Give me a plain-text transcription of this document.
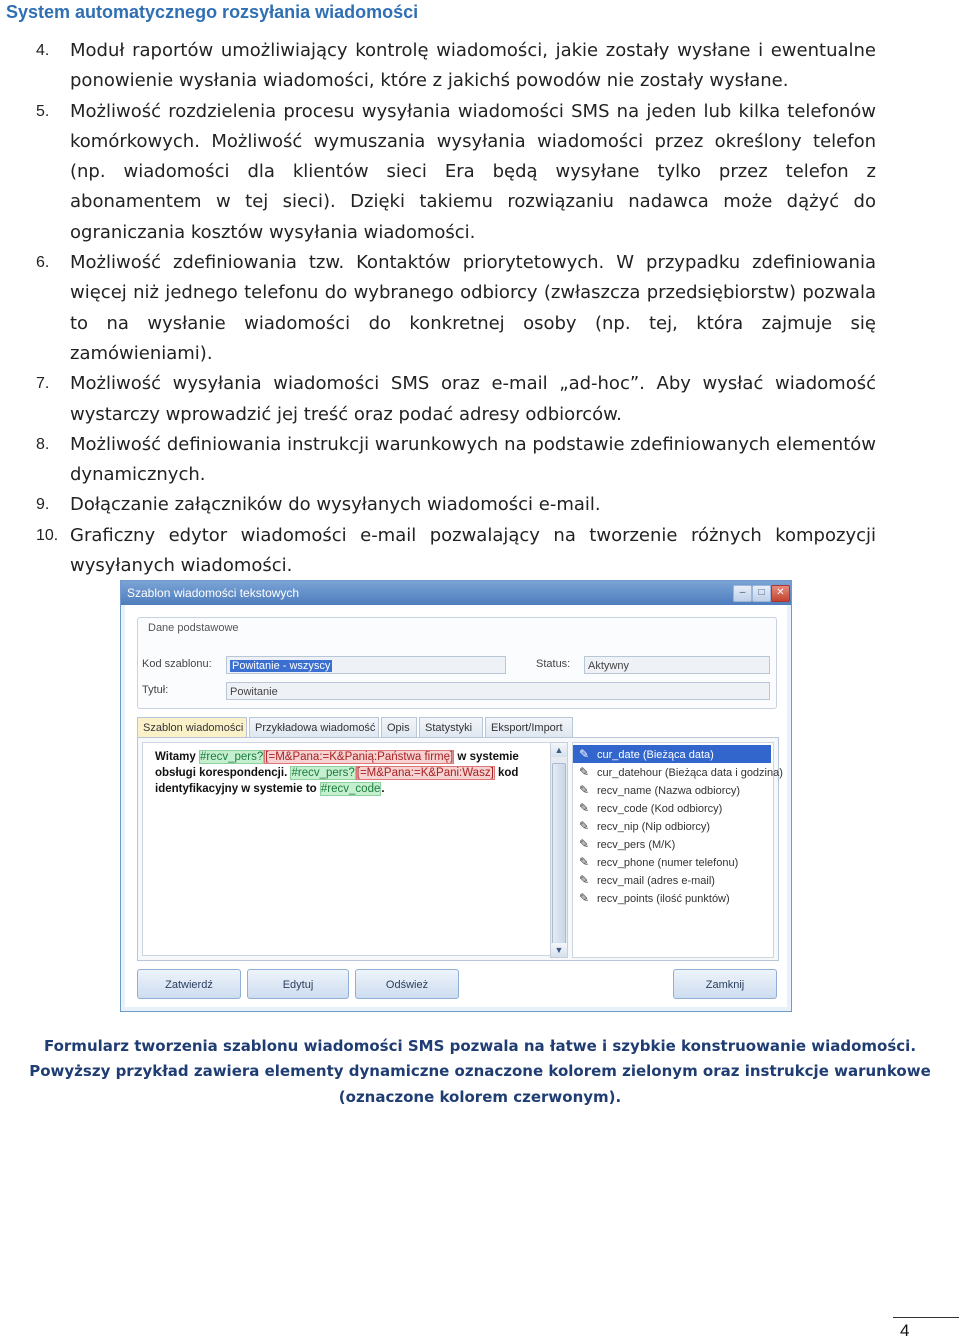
System automatycznego rozsyłania wiadomości
4. Moduł raportów umożliwiający kontrolę wiadomości, jakie zostały wysłane i ewentualne ponowienie wysłania wiadomości, które z jakichś powodów nie zostały wysłane.
5. Możliwość rozdzielenia procesu wysyłania wiadomości SMS na jeden lub kilka telefonów komórkowych. Możliwość wymuszania wysyłania wiadomości przez określony telefon (np. wiadomości dla klientów sieci Era będą wysyłane tylko przez telefon z abonamentem w tej sieci). Dzięki takiemu rozwiązaniu nadawca może dążyć do ograniczania kosztów wysyłania wiadomości.
6. Możliwość zdefiniowania tzw. Kontaktów priorytetowych. W przypadku zdefiniowania więcej niż jednego telefonu do wybranego odbiorcy (zwłaszcza przedsiębiorstw) pozwala to na wysłanie wiadomości do konkretnej osoby (np. tej, która zajmuje się zamówieniami).
7. Możliwość wysyłania wiadomości SMS oraz e-mail „ad-hoc”. Aby wysłać wiadomość wystarczy wprowadzić jej treść oraz podać adresy odbiorców.
8. Możliwość definiowania instrukcji warunkowych na podstawie zdefiniowanych elementów dynamicznych.
9. Dołączanie załączników do wysyłanych wiadomości e-mail.
10. Graficzny edytor wiadomości e-mail pozwalający na tworzenie różnych kompozycji wysyłanych wiadomości.
Szablon wiadomości tekstowych	–	□	✕
Dane podstawowe
Kod szablonu:	Powitanie - wszyscy	Status:	Aktywny
Tytuł:	Powitanie
Szablon wiadomości	Przykładowa wiadomość	Opis	Statystyki	Eksport/Import
Witamy #recv_pers? [=M&Pana:=K&Panią:Państwa firmę] w systemie obsługi korespondencji. #recv_pers? [=M&Pana:=K&Pani:Wasz] kod identyfikacyjny w systemie to #recv_code.
▲
▼
✎ cur_date (Bieżąca data)
✎ cur_datehour (Bieżąca data i godzina)
✎ recv_name (Nazwa odbiorcy)
✎ recv_code (Kod odbiorcy)
✎ recv_nip (Nip odbiorcy)
✎ recv_pers (M/K)
✎ recv_phone (numer telefonu)
✎ recv_mail (adres e-mail)
✎ recv_points (ilość punktów)
Zatwierdź	Edytuj	Odśwież	Zamknij
Formularz tworzenia szablonu wiadomości SMS pozwala na łatwe i szybkie konstruowanie wiadomości.
Powyższy przykład zawiera elementy dynamiczne oznaczone kolorem zielonym oraz instrukcje warunkowe
(oznaczone kolorem czerwonym).
4
